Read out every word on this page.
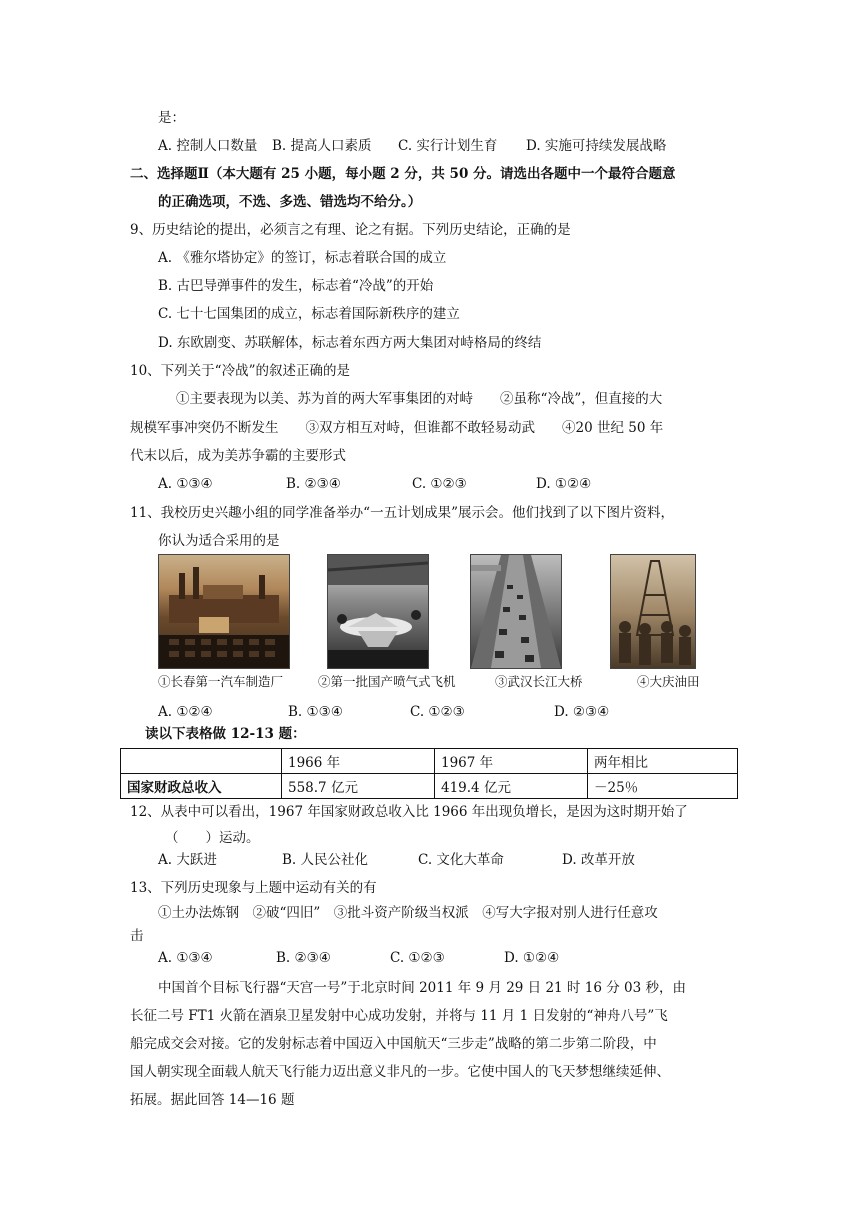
是：
A. 控制人口数量 B. 提高人口素质 C. 实行计划生育 D. 实施可持续发展战略
二、选择题Ⅱ（本大题有 25 小题，每小题 2 分，共 50 分。请选出各题中一个最符合题意
的正确选项，不选、多选、错选均不给分。）
9、历史结论的提出，必须言之有理、论之有据。下列历史结论，正确的是
A. 《雅尔塔协定》的签订，标志着联合国的成立
B. 古巴导弹事件的发生，标志着“冷战”的开始
C. 七十七国集团的成立，标志着国际新秩序的建立
D. 东欧剧变、苏联解体，标志着东西方两大集团对峙格局的终结
10、下列关于“冷战”的叙述正确的是
①主要表现为以美、苏为首的两大军事集团的对峙　　②虽称“冷战”，但直接的大
规模军事冲突仍不断发生　　③双方相互对峙，但谁都不敢轻易动武　　④20 世纪 50 年
代末以后，成为美苏争霸的主要形式
A. ①③④	B. ②③④	C. ①②③	D. ①②④
11、我校历史兴趣小组的同学准备举办“一五计划成果”展示会。他们找到了以下图片资料，
你认为适合采用的是
①长春第一汽车制造厂	②第一批国产喷气式飞机	③武汉长江大桥	④大庆油田
A. ①②④	B. ①③④	C. ①②③	D. ②③④
读以下表格做 12-13 题：
	1966 年	1967 年	两年相比
国家财政总收入	558.7 亿元	419.4 亿元	－25％
12、从表中可以看出，1967 年国家财政总收入比 1966 年出现负增长，是因为这时期开始了
（　　）运动。
A. 大跃进	B. 人民公社化	C. 文化大革命	D. 改革开放
13、下列历史现象与上题中运动有关的有
①土办法炼钢　②破“四旧”　③批斗资产阶级当权派　④写大字报对别人进行任意攻
击
A. ①③④	B. ②③④	C. ①②③	D. ①②④
中国首个目标飞行器“天宫一号”于北京时间 2011 年 9 月 29 日 21 时 16 分 03 秒，由
长征二号 FT1 火箭在酒泉卫星发射中心成功发射，并将与 11 月 1 日发射的“神舟八号”飞
船完成交会对接。它的发射标志着中国迈入中国航天“三步走”战略的第二步第二阶段，中
国人朝实现全面载人航天飞行能力迈出意义非凡的一步。它使中国人的飞天梦想继续延伸、
拓展。据此回答 14—16 题
